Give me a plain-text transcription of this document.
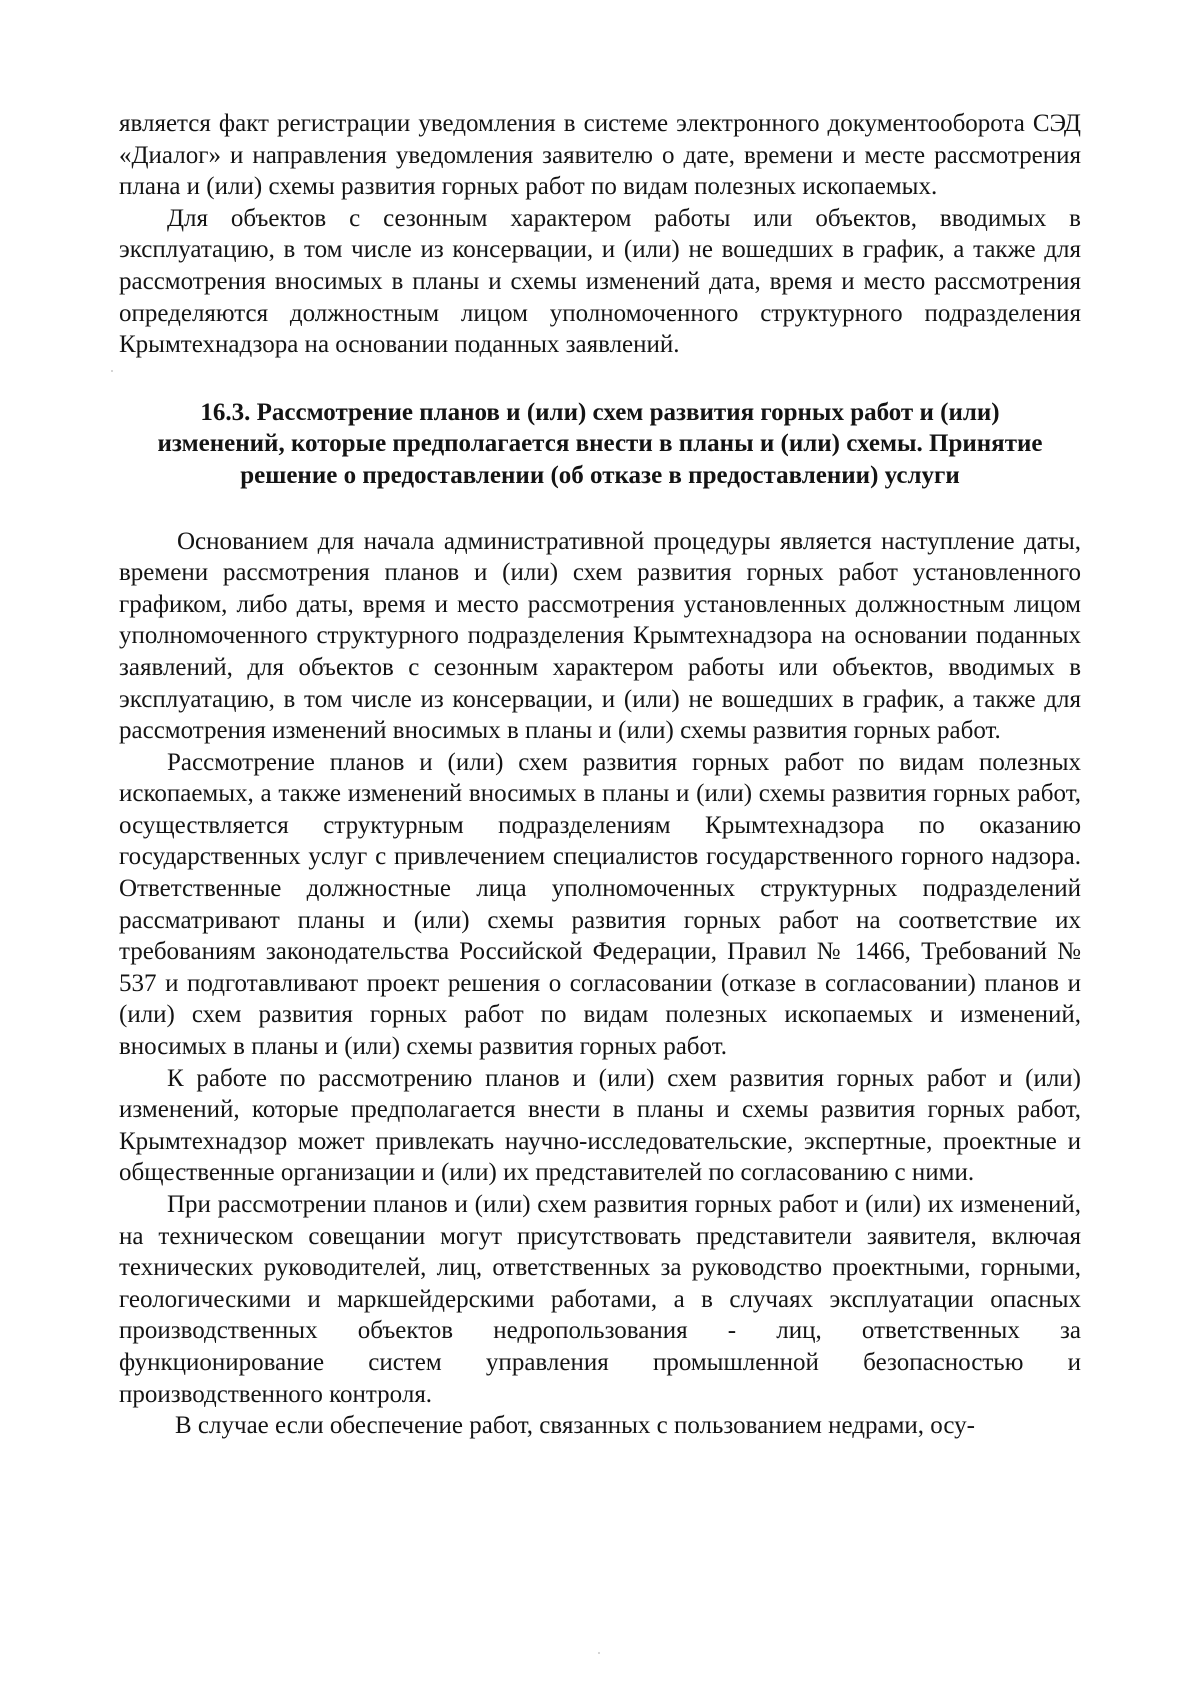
является факт регистрации уведомления в системе электронного документооборота СЭД «Диалог» и направления уведомления заявителю о дате, времени и месте рассмотрения плана и (или) схемы развития горных работ по видам полезных ископаемых.

Для объектов с сезонным характером работы или объектов, вводимых в эксплуатацию, в том числе из консервации, и (или) не вошедших в график, а также для рассмотрения вносимых в планы и схемы изменений дата, время и место рассмотрения определяются должностным лицом уполномоченного структурного подразделения Крымтехнадзора на основании поданных заявлений.

16.3. Рассмотрение планов и (или) схем развития горных работ и (или)
изменений, которые предполагается внести в планы и (или) схемы. Принятие
решение о предоставлении (об отказе в предоставлении) услуги

Основанием для начала административной процедуры является наступление даты, времени рассмотрения планов и (или) схем развития горных работ установленного графиком, либо даты, время и место рассмотрения установленных должностным лицом уполномоченного структурного подразделения Крымтехнадзора на основании поданных заявлений, для объектов с сезонным характером работы или объектов, вводимых в эксплуатацию, в том числе из консервации, и (или) не вошедших в график, а также для рассмотрения изменений вносимых в планы и (или) схемы развития горных работ.

Рассмотрение планов и (или) схем развития горных работ по видам полезных ископаемых, а также изменений вносимых в планы и (или) схемы развития горных работ, осуществляется структурным подразделениям Крымтехнадзора по оказанию государственных услуг с привлечением специалистов государственного горного надзора. Ответственные должностные лица уполномоченных структурных подразделений рассматривают планы и (или) схемы развития горных работ на соответствие их требованиям законодательства Российской Федерации, Правил № 1466, Требований № 537 и подготавливают проект решения о согласовании (отказе в согласовании) планов и (или) схем развития горных работ по видам полезных ископаемых и изменений, вносимых в планы и (или) схемы развития горных работ.

К работе по рассмотрению планов и (или) схем развития горных работ и (или) изменений, которые предполагается внести в планы и схемы развития горных работ, Крымтехнадзор может привлекать научно-исследовательские, экспертные, проектные и общественные организации и (или) их представителей по согласованию с ними.

При рассмотрении планов и (или) схем развития горных работ и (или) их изменений, на техническом совещании могут присутствовать представители заявителя, включая технических руководителей, лиц, ответственных за руководство проектными, горными, геологическими и маркшейдерскими работами, а в случаях эксплуатации опасных производственных объектов недропользования - лиц, ответственных за функционирование систем управления промышленной безопасностью и производственного контроля.

В случае если обеспечение работ, связанных с пользованием недрами, осу-
